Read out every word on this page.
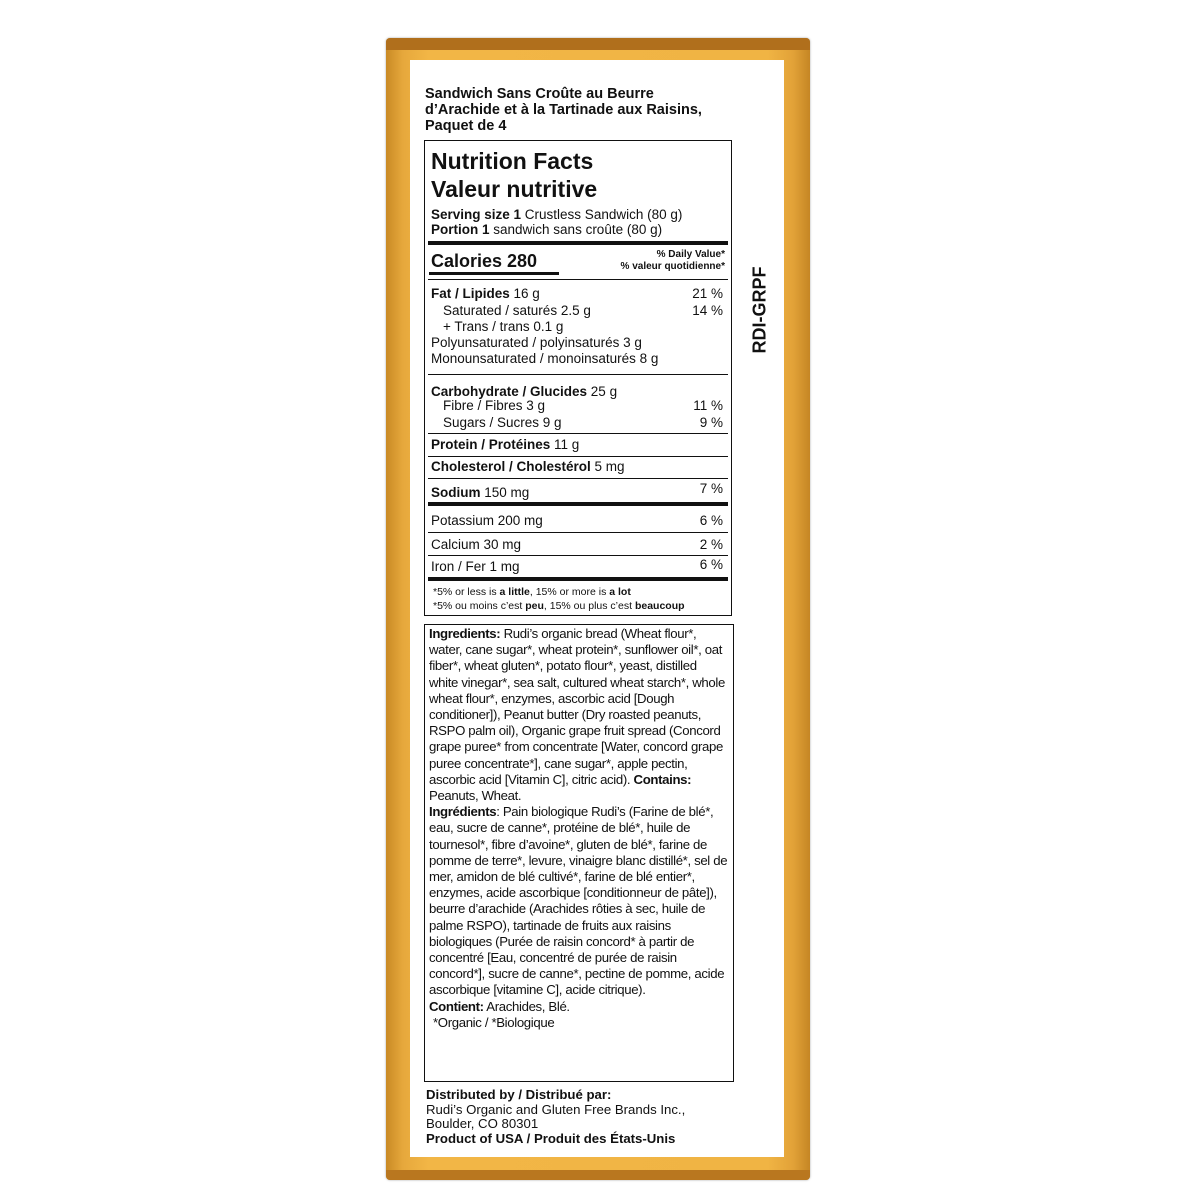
Sandwich Sans Croûte au Beurre
d’Arachide et à la Tartinade aux Raisins,
Paquet de 4
RDI-GRPF
Nutrition Facts
Valeur nutritive
Serving size 1 Crustless Sandwich (80 g)
Portion 1 sandwich sans croûte (80 g)
Calories 280	% Daily Value*
% valeur quotidienne*
Fat / Lipides 16 g	21 %
Saturated / saturés 2.5 g	14 %
+ Trans / trans 0.1 g
Polyunsaturated / polyinsaturés 3 g
Monounsaturated / monoinsaturés 8 g
Carbohydrate / Glucides 25 g
Fibre / Fibres 3 g	11 %
Sugars / Sucres 9 g	9 %
Protein / Protéines 11 g
Cholesterol / Cholestérol 5 mg
Sodium 150 mg	7 %
Potassium 200 mg	6 %
Calcium 30 mg	2 %
Iron / Fer 1 mg	6 %
*5% or less is a little, 15% or more is a lot
*5% ou moins c’est peu, 15% ou plus c’est beaucoup

Ingredients: Rudi’s organic bread (Wheat flour*, water, cane sugar*, wheat protein*, sunflower oil*, oat fiber*, wheat gluten*, potato flour*, yeast, distilled white vinegar*, sea salt, cultured wheat starch*, whole wheat flour*, enzymes, ascorbic acid [Dough conditioner]), Peanut butter (Dry roasted peanuts, RSPO palm oil), Organic grape fruit spread (Concord grape puree* from concentrate [Water, concord grape puree concentrate*], cane sugar*, apple pectin, ascorbic acid [Vitamin C], citric acid). Contains: Peanuts, Wheat.

Ingrédients: Pain biologique Rudi’s (Farine de blé*, eau, sucre de canne*, protéine de blé*, huile de tournesol*, fibre d’avoine*, gluten de blé*, farine de pomme de terre*, levure, vinaigre blanc distillé*, sel de mer, amidon de blé cultivé*, farine de blé entier*, enzymes, acide ascorbique [conditionneur de pâte]), beurre d’arachide (Arachides rôties à sec, huile de palme RSPO), tartinade de fruits aux raisins biologiques (Purée de raisin concord* à partir de concentré [Eau, concentré de purée de raisin concord*], sucre de canne*, pectine de pomme, acide ascorbique [vitamine C], acide citrique).

Contient: Arachides, Blé.

*Organic / *Biologique

Distributed by / Distribué par:
Rudi’s Organic and Gluten Free Brands Inc.,
Boulder, CO 80301
Product of USA / Produit des États-Unis
